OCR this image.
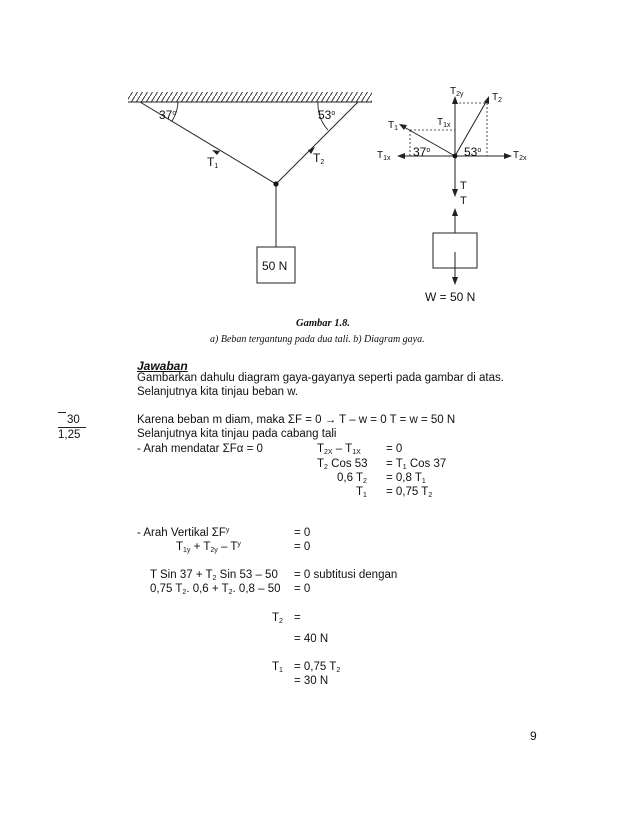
37$^o$	53$^o$
$T_1$
$T_2$
50 N
$T_{2y}$	$T_2$
$T_1$
$T_{1x}$
$T_{1x}$ 37$^o$	53$^o$	$T_{2x}$
T
T
W = 50 N
Gambar 1.8.
a) Beban tergantung pada dua tali. b) Diagram gaya.
Jawaban
Gambarkan dahulu diagram gaya-gayanya seperti pada gambar di atas.
Selanjutnya kita tinjau beban w.
30
1,25
Karena beban m diam, maka ΣF = 0 → T – w = 0 T = w = 50 N
Selanjutnya kita tinjau pada cabang tali
- Arah mendatar ΣFα = 0	$T_{2X} - T_{1X} = 0$
$T_2$ Cos $53 = T_1$ Cos 37
0,6 $T_2 = 0,8$ $T_1$
$T_1 = 0,75$ $T_2$
- Arah Vertikal $\Sigma F^y$	= 0
$T_{1y} + T_{2y} - T^y$	= 0
T Sin $37 + T_2$ Sin 53 – 50 = 0 subtitusi dengan
0,75 $T_2$. $0,6 + T_2$. 0,8 – 50 = 0
$T_2$ =
= 40 N
$T_1 = 0,75$ $T_2$
= 30 N
9
